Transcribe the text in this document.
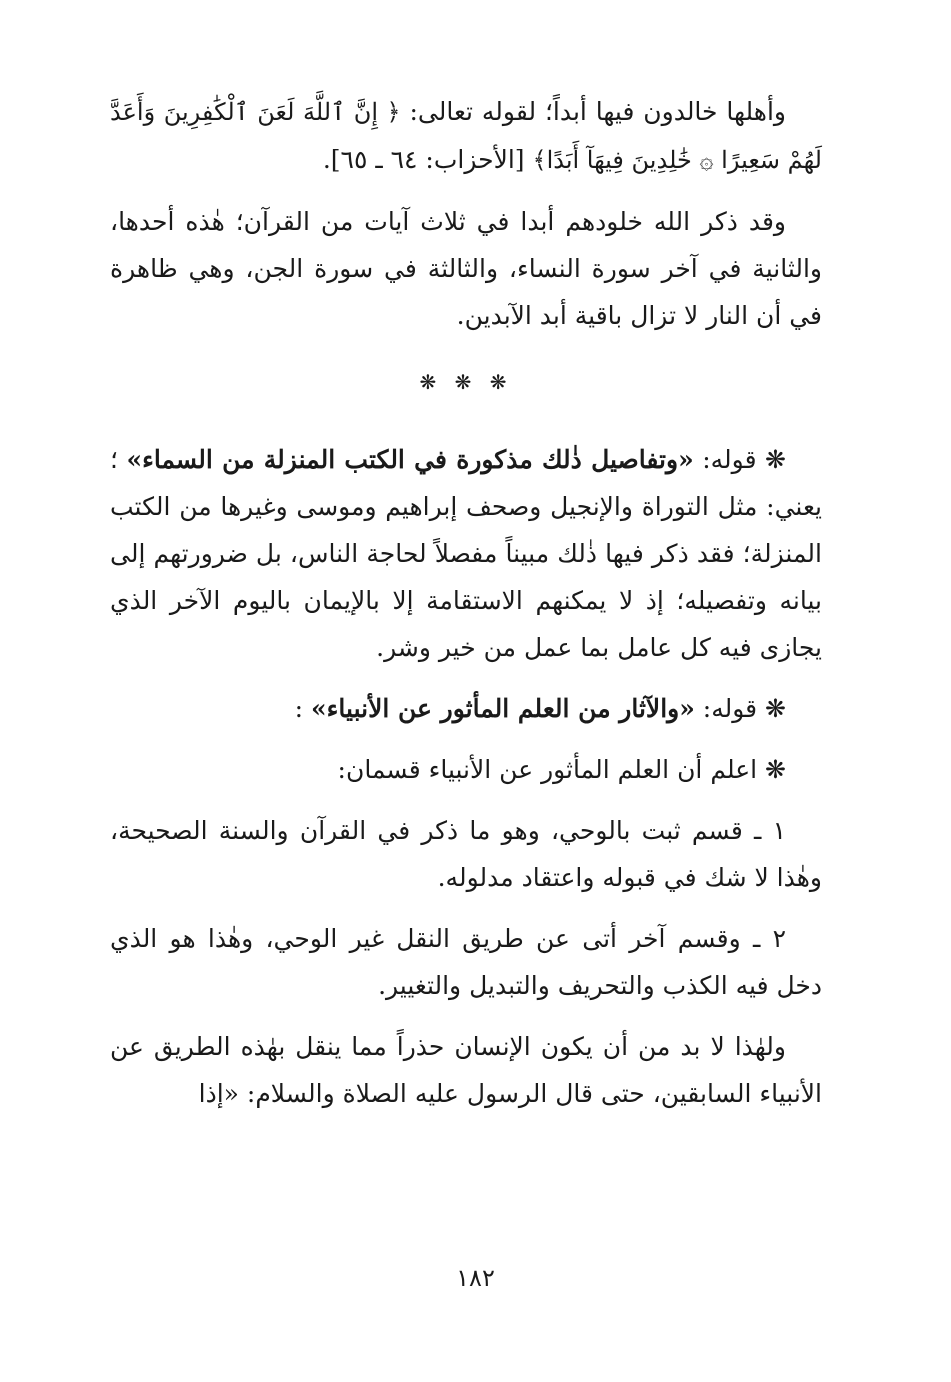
وأهلها خالدون فيها أبداً؛ لقوله تعالى: ﴿ إِنَّ ٱللَّهَ لَعَنَ ٱلْكَٰفِرِينَ وَأَعَدَّ لَهُمْ سَعِيرًا ۞ خَٰلِدِينَ فِيهَآ أَبَدًا﴾ [الأحزاب: ٦٤ ـ ٦٥].

وقد ذكر الله خلودهم أبدا في ثلاث آيات من القرآن؛ هٰذه أحدها، والثانية في آخر سورة النساء، والثالثة في سورة الجن، وهي ظاهرة في أن النار لا تزال باقية أبد الآبدين.

❋ ❋ ❋

❋ قوله: «وتفاصيل ذٰلك مذكورة في الكتب المنزلة من السماء» ؛ يعني: مثل التوراة والإنجيل وصحف إبراهيم وموسى وغيرها من الكتب المنزلة؛ فقد ذكر فيها ذٰلك مبيناً مفصلاً لحاجة الناس، بل ضرورتهم إلى بيانه وتفصيله؛ إذ لا يمكنهم الاستقامة إلا بالإيمان باليوم الآخر الذي يجازى فيه كل عامل بما عمل من خير وشر.

❋ قوله: «والآثار من العلم المأثور عن الأنبياء» :

❋ اعلم أن العلم المأثور عن الأنبياء قسمان:

١ ـ قسم ثبت بالوحي، وهو ما ذكر في القرآن والسنة الصحيحة، وهٰذا لا شك في قبوله واعتقاد مدلوله.

٢ ـ وقسم آخر أتى عن طريق النقل غير الوحي، وهٰذا هو الذي دخل فيه الكذب والتحريف والتبديل والتغيير.

ولهٰذا لا بد من أن يكون الإنسان حذراً مما ينقل بهٰذه الطريق عن الأنبياء السابقين، حتى قال الرسول عليه الصلاة والسلام: «إذا

١٨٢
